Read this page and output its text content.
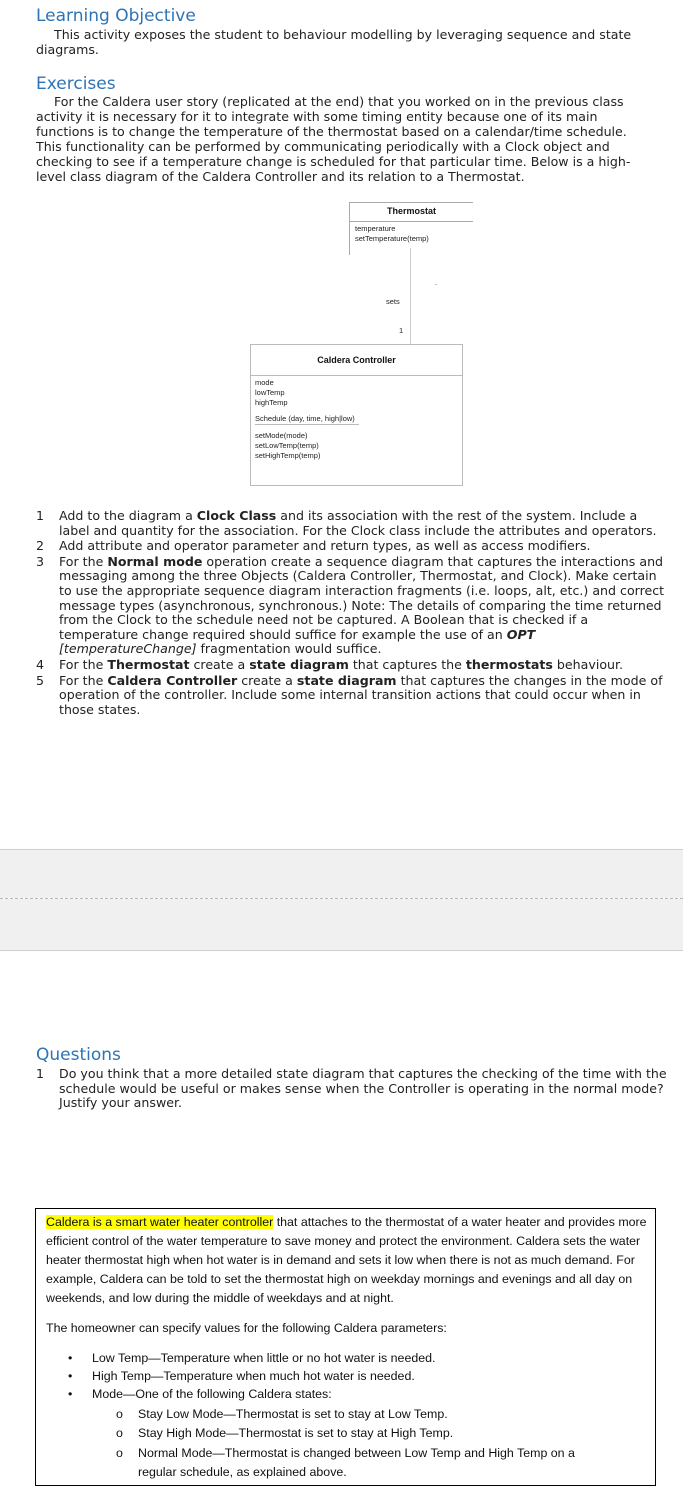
Learning Objective
This activity exposes the student to behaviour modelling by leveraging sequence and state
diagrams.
Exercises
For the Caldera user story (replicated at the end) that you worked on in the previous class
activity it is necessary for it to integrate with some timing entity because one of its main
functions is to change the temperature of the thermostat based on a calendar/time schedule.
This functionality can be performed by communicating periodically with a Clock object and
checking to see if a temperature change is scheduled for that particular time. Below is a high-
level class diagram of the Caldera Controller and its relation to a Thermostat.
Thermostat
temperature
setTemperature(temp)
.
sets
1
Caldera Controller
mode
lowTemp
highTemp
Schedule (day, time, high|low)
setMode(mode)
setLowTemp(temp)
setHighTemp(temp)
1 Add to the diagram a Clock Class and its association with the rest of the system. Include a label and quantity for the association. For the Clock class include the attributes and operators.
2 Add attribute and operator parameter and return types, as well as access modifiers.
3 For the Normal mode operation create a sequence diagram that captures the interactions and messaging among the three Objects (Caldera Controller, Thermostat, and Clock). Make certain to use the appropriate sequence diagram interaction fragments (i.e. loops, alt, etc.) and correct message types (asynchronous, synchronous.) Note: The details of comparing the time returned from the Clock to the schedule need not be captured. A Boolean that is checked if a temperature change required should suffice for example the use of an OPT [temperatureChange] fragmentation would suffice.
4 For the Thermostat create a state diagram that captures the thermostats behaviour.
5 For the Caldera Controller create a state diagram that captures the changes in the mode of operation of the controller. Include some internal transition actions that could occur when in those states.
Questions
1 Do you think that a more detailed state diagram that captures the checking of the time with the schedule would be useful or makes sense when the Controller is operating in the normal mode? Justify your answer.

Caldera is a smart water heater controller that attaches to the thermostat of a water heater and provides more efficient control of the water temperature to save money and protect the environment. Caldera sets the water heater thermostat high when hot water is in demand and sets it low when there is not as much demand. For example, Caldera can be told to set the thermostat high on weekday mornings and evenings and all day on weekends, and low during the middle of weekdays and at night.

The homeowner can specify values for the following Caldera parameters:

• Low Temp—Temperature when little or no hot water is needed.
• High Temp—Temperature when much hot water is needed.
• Mode—One of the following Caldera states:
o Stay Low Mode—Thermostat is set to stay at Low Temp.
o Stay High Mode—Thermostat is set to stay at High Temp.
o Normal Mode—Thermostat is changed between Low Temp and High Temp on a
regular schedule, as explained above.
